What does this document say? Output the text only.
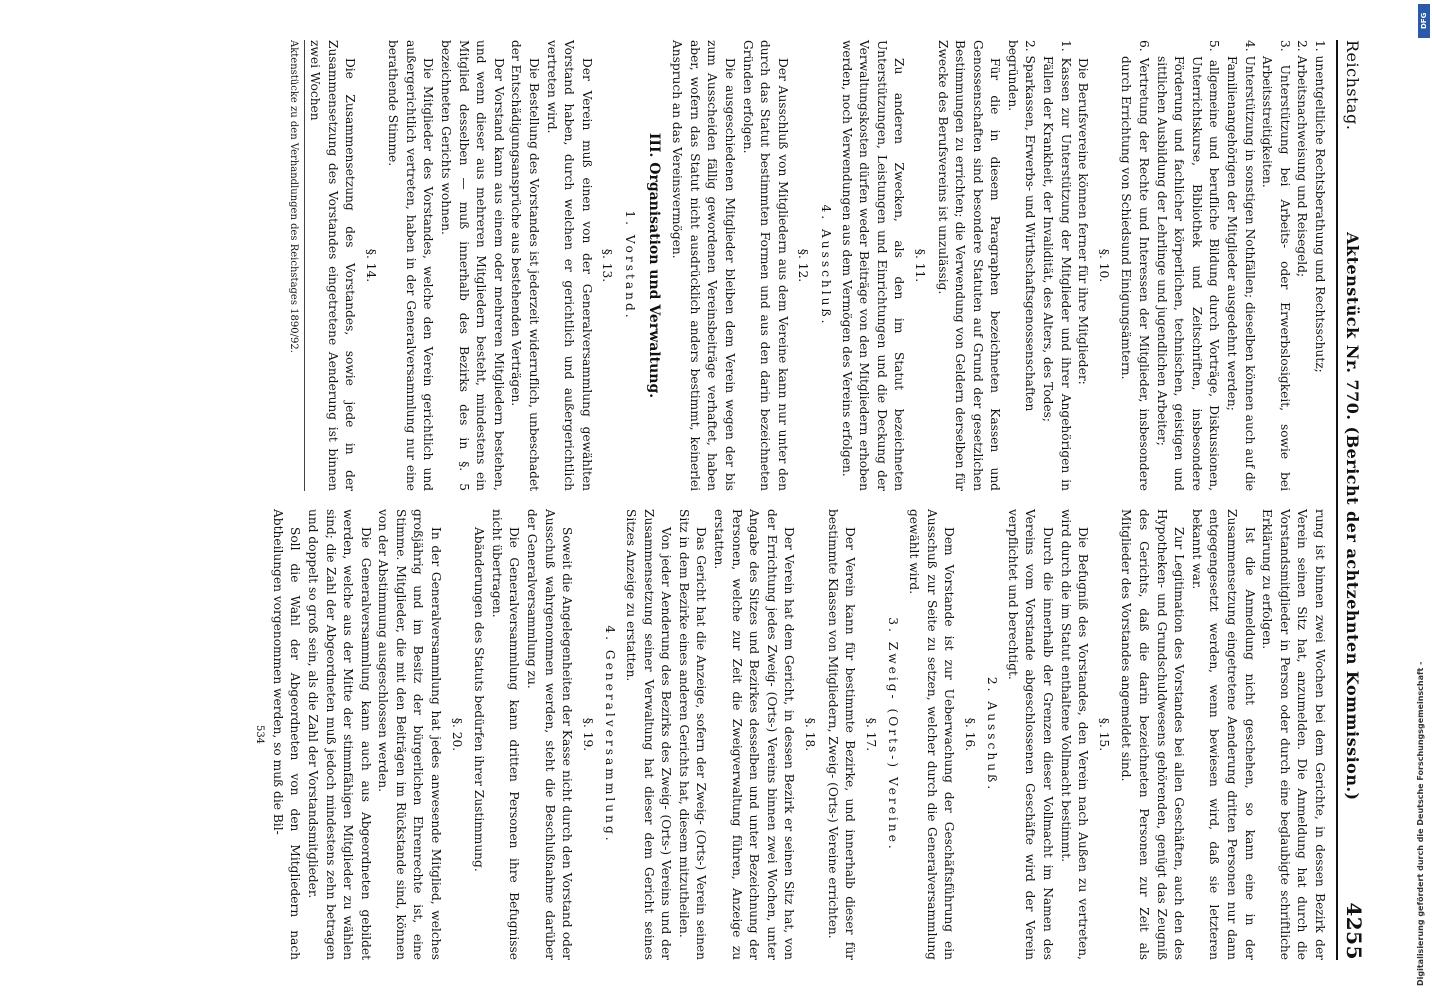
Reichstag.
Aktenstück Nr. 770. (Bericht der achtzehnten Kommission.)
4255

1. unentgeltliche Rechtsberathung und Rechtsschutz;

2. Arbeitsnachweisung und Reisegeld;

3. Unterstützung bei Arbeits- oder Erwerbslosigkeit, sowie bei Arbeitsstreitigkeiten.

4. Unterstützung in sonstigen Nothfällen; dieselben können auch auf die Familienangehörigen der Mitglieder ausgedehnt werden;

5. allgemeine und berufliche Bildung durch Vorträge, Diskussionen, Unterrichtskurse, Bibliothek und Zeitschriften, insbesondere Förderung und fachlicher körperlichen, technischen, geistigen und sittlichen Ausbildung der Lehrlinge und jugendlichen Arbeiter;

6. Vertretung der Rechte und Interessen der Mitglieder, insbesondere durch Errichtung von Schiedsund Einigungsämtern.

§. 10.

Die Berufsvereine können ferner für ihre Mitglieder:

1. Kassen zur Unterstützung der Mitglieder und ihrer Angehörigen in Fällen der Krankheit, der Invalidität, des Alters, des Todes;

2. Sparkassen, Erwerbs- und Wirthschaftsgenossenschaften

begründen.

Für die in diesem Paragraphen bezeichneten Kassen und Genossenschaften sind besondere Statuten auf Grund der gesetzlichen Bestimmungen zu errichten; die Verwendung von Geldern derselben für Zwecke des Berufsvereins ist unzulässig.

§. 11.

Zu anderen Zwecken, als den im Statut bezeichneten Unterstützungen, Leistungen und Einrichtungen und die Deckung der Verwaltungskosten dürfen weder Beiträge von den Mitgliedern erhoben werden, noch Verwendungen aus dem Vermögen des Vereins erfolgen.

4. Ausschluß.

§. 12.

Der Ausschluß von Mitgliedern aus dem Vereine kann nur unter den durch das Statut bestimmten Formen und aus den darin bezeichneten Gründen erfolgen.

Die ausgeschiedenen Mitglieder bleiben dem Verein wegen der bis zum Ausscheiden fällig gewordenen Vereinsbeiträge verhaftet, haben aber, wofern das Statut nicht ausdrücklich anders bestimmt, keinerlei Anspruch an das Vereinsvermögen.

III. Organisation und Verwaltung.

1. Vorstand.

§. 13.

Der Verein muß einen von der Generalversammlung gewählten Vorstand haben, durch welchen er gerichtlich und außergerichtlich vertreten wird.

Die Bestellung des Vorstandes ist jederzeit widerruflich, unbeschadet der Entschädigungsansprüche aus bestehenden Verträgen.

Der Vorstand kann aus einem oder mehreren Mitgliedern bestehen, und wenn dieser aus mehreren Mitgliedern besteht, mindestens ein Mitglied desselben — muß innerhalb des Bezirks des in §. 5 bezeichneten Gerichts wohnen.

Die Mitglieder des Vorstandes, welche den Verein gerichtlich und außergerichtlich vertreten, haben in der Generalversammlung nur eine berathende Stimme.

§. 14.

Die Zusammensetzung des Vorstandes, sowie jede in der Zusammensetzung des Vorstandes eingetretene Aenderung ist binnen zwei Wochen

Aktenstücke zu den Verhandlungen des Reichstages 1890/92.

rung ist binnen zwei Wochen bei dem Gerichte, in dessen Bezirk der Verein seinen Sitz hat, anzumelden. Die Anmeldung hat durch die Vorstandsmitglieder in Person oder durch eine beglaubigte schriftliche Erklärung zu erfolgen.

Ist die Anmeldung nicht geschehen, so kann eine in der Zusammensetzung eingetretene Aenderung dritten Personen nur dann entgegengesetzt werden, wenn bewiesen wird, daß sie letzteren bekannt war.

Zur Legitimation des Vorstandes bei allen Geschäften, auch den des Hypotheken- und Grundschuldwesens gehörenden, genügt das Zeugniß des Gerichts, daß die darin bezeichneten Personen zur Zeit als Mitglieder des Vorstandes angemeldet sind.

§. 15.

Die Befugniß des Vorstandes, den Verein nach Außen zu vertreten, wird durch die im Statut enthaltene Vollmacht bestimmt.

Durch die innerhalb der Grenzen dieser Vollmacht im Namen des Vereins vom Vorstande abgeschlossenen Geschäfte wird der Verein verpflichtet und berechtigt.

2. Ausschuß.

§. 16.

Dem Vorstande ist zur Ueberwachung der Geschäftsführung ein Ausschuß zur Seite zu setzen, welcher durch die Generalversammlung gewählt wird.

3. Zweig- (Orts-) Vereine.

§. 17.

Der Verein kann für bestimmte Bezirke, und innerhalb dieser für bestimmte Klassen von Mitgliedern, Zweig- (Orts-) Vereine errichten.

§. 18.

Der Verein hat dem Gericht, in dessen Bezirk er seinen Sitz hat, von der Errichtung jedes Zweig- (Orts-) Vereins binnen zwei Wochen, unter Angabe des Sitzes und Bezirkes desselben und unter Bezeichnung der Personen, welche zur Zeit die Zweigverwaltung führen, Anzeige zu erstatten.

Das Gericht hat die Anzeige, sofern der Zweig- (Orts-) Verein seinen Sitz in dem Bezirke eines anderen Gerichts hat, diesem mitzutheilen.

Von jeder Aenderung des Bezirks des Zweig- (Orts-) Vereins und der Zusammensetzung seiner Verwaltung hat dieser dem Gericht seines Sitzes Anzeige zu erstatten.

4. Generalversammlung.

§. 19.

Soweit die Angelegenheiten der Kasse nicht durch den Vorstand oder Ausschuß wahrgenommen werden, steht die Beschlußnahme darüber der Generalversammlung zu.

Die Generalversammlung kann dritten Personen ihre Befugnisse nicht übertragen.

Abänderungen des Statuts bedürfen ihrer Zustimmung.

§. 20.

In der Generalversammlung hat jedes anwesende Mitglied, welches großjährig und im Besitz der bürgerlichen Ehrenrechte ist, eine Stimme. Mitglieder, die mit den Beiträgen im Rückstande sind, können von der Abstimmung ausgeschlossen werden.

Die Generalversammlung kann auch aus Abgeordneten gebildet werden, welche aus der Mitte der stimmfähigen Mitglieder zu wählen sind; die Zahl der Abgeordneten muß jedoch mindestens zehn betragen und doppelt so groß sein, als die Zahl der Vorstandsmitglieder.

Soll die Wahl der Abgeordneten von den Mitgliedern nach Abtheilungen vorgenommen werden, so muß die Bil-

534	Digitalisierung gefördert durch die Deutsche Forschungsgemeinschaft -
DFG
